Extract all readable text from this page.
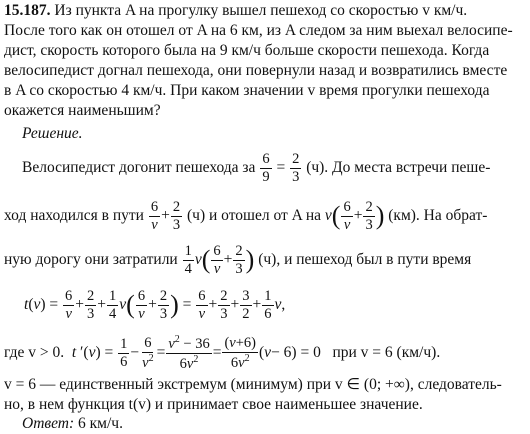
15.187. Из пункта A на прогулку вышел пешеход со скоростью v км/ч.
После того как он отошел от A на 6 км, из A следом за ним выехал велосипе-
дист, скорость которого была на 9 км/ч больше скорости пешехода. Когда
велосипедист догнал пешехода, они повернули назад и возвратились вместе
в A со скоростью 4 км/ч. При каком значении v время прогулки пешехода
окажется наименьшим?
Решение.
Велосипедист догонит пешехода за
$\frac{6}{9} = \frac{2}{3}$
(ч). До места встречи пеше-
ход находился в пути
$\frac{6}{v} + \frac{2}{3}$
(ч) и отошел от A на
v ( $\frac{6}{v} + \frac{2}{3}$ )
(км). На обрат-
ную дорогу они затратили
$\frac{1}{4}$ v ( $\frac{6}{v} + \frac{2}{3}$ )
(ч), и пешеход был в пути время
t ( v ) = $\frac{6}{v} + \frac{2}{3} + \frac{1}{4}$ v ( $\frac{6}{v} + \frac{2}{3}$ ) = $\frac{6}{v} + \frac{2}{3} + \frac{3}{2} + \frac{1}{6}$ v ,
где v > 0.
t ′( v ) = $\frac{1}{6} - \frac{6}{v^2} = \frac{v^2 - 36}{6v^2} = \frac{(v+6)}{6v^2}$ ( v − 6) = 0 при v = 6 (км/ч).
v = 6 — единственный экстремум (минимум) при v ∈ (0; +∞), следователь-
но, в нем функция t(v) и принимает свое наименьшее значение.
Ответ: 6 км/ч.
